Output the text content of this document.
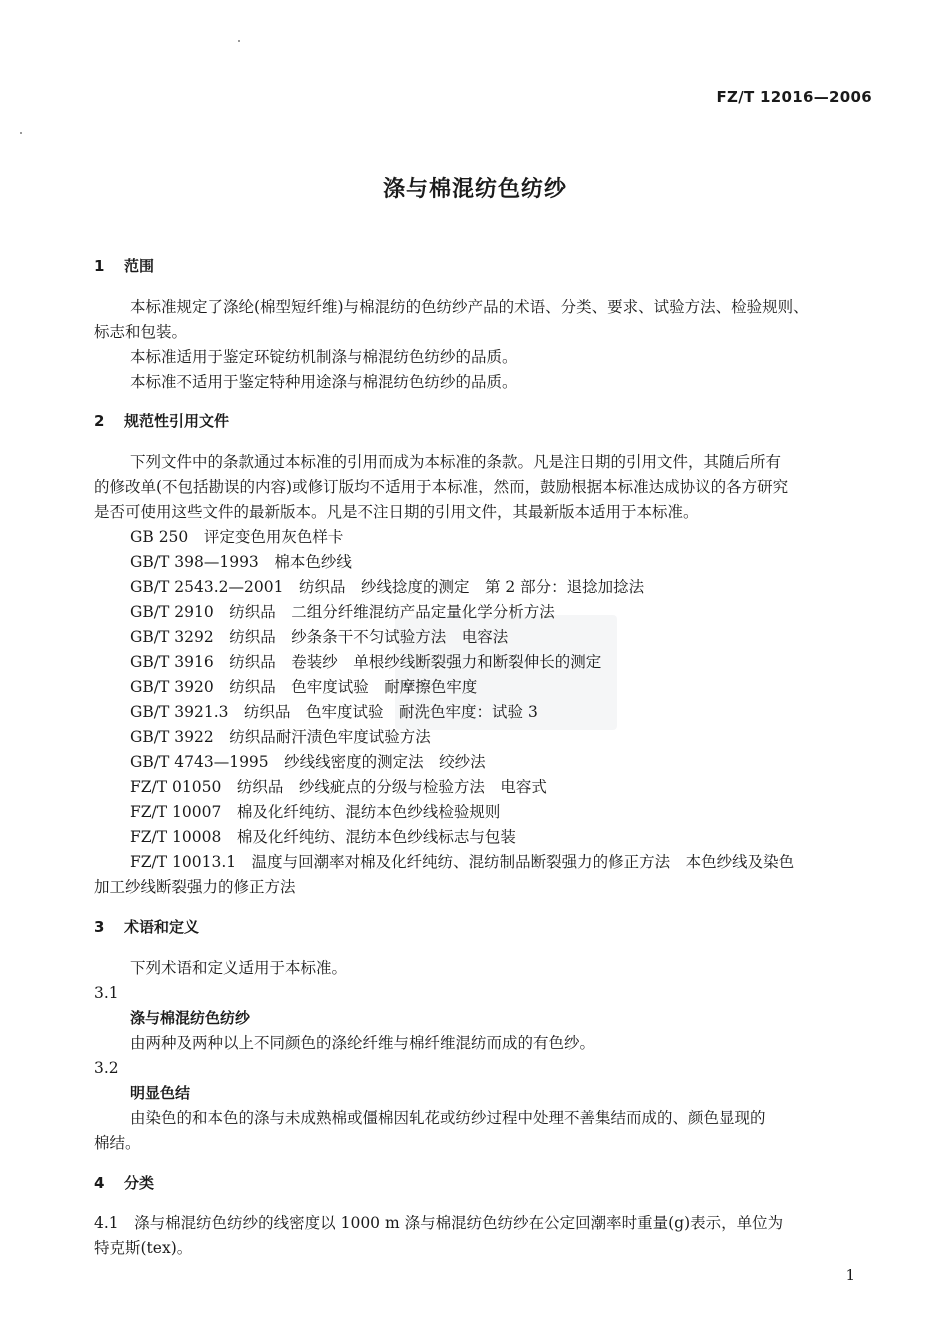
FZ/T 12016—2006
涤与棉混纺色纺纱
1 范围
本标准规定了涤纶(棉型短纤维)与棉混纺的色纺纱产品的术语、分类、要求、试验方法、检验规则、
标志和包装。
本标准适用于鉴定环锭纺机制涤与棉混纺色纺纱的品质。
本标准不适用于鉴定特种用途涤与棉混纺色纺纱的品质。
2 规范性引用文件
下列文件中的条款通过本标准的引用而成为本标准的条款。凡是注日期的引用文件，其随后所有
的修改单(不包括勘误的内容)或修订版均不适用于本标准，然而，鼓励根据本标准达成协议的各方研究
是否可使用这些文件的最新版本。凡是不注日期的引用文件，其最新版本适用于本标准。
GB 250　 评定变色用灰色样卡
GB/T 398—1993　 棉本色纱线
GB/T 2543.2—2001　 纺织品　纱线捻度的测定　第 2 部分：退捻加捻法
GB/T 2910　 纺织品　二组分纤维混纺产品定量化学分析方法
GB/T 3292　 纺织品　纱条条干不匀试验方法　电容法
GB/T 3916　 纺织品　卷装纱　单根纱线断裂强力和断裂伸长的测定
GB/T 3920　 纺织品　色牢度试验　耐摩擦色牢度
GB/T 3921.3　 纺织品　色牢度试验　耐洗色牢度：试验 3
GB/T 3922　 纺织品耐汗渍色牢度试验方法
GB/T 4743—1995　 纱线线密度的测定法　绞纱法
FZ/T 01050　 纺织品　纱线疵点的分级与检验方法　电容式
FZ/T 10007　 棉及化纤纯纺、混纺本色纱线检验规则
FZ/T 10008　 棉及化纤纯纺、混纺本色纱线标志与包装
FZ/T 10013.1　温度与回潮率对棉及化纤纯纺、混纺制品断裂强力的修正方法　本色纱线及染色
加工纱线断裂强力的修正方法
3 术语和定义
下列术语和定义适用于本标准。
3.1
涤与棉混纺色纺纱
由两种及两种以上不同颜色的涤纶纤维与棉纤维混纺而成的有色纱。
3.2
明显色结
由染色的和本色的涤与未成熟棉或僵棉因轧花或纺纱过程中处理不善集结而成的、颜色显现的
棉结。
4 分类
4.1　 涤与棉混纺色纺纱的线密度以 1000 m 涤与棉混纺色纺纱在公定回潮率时重量(g)表示，单位为
特克斯(tex)。
1
